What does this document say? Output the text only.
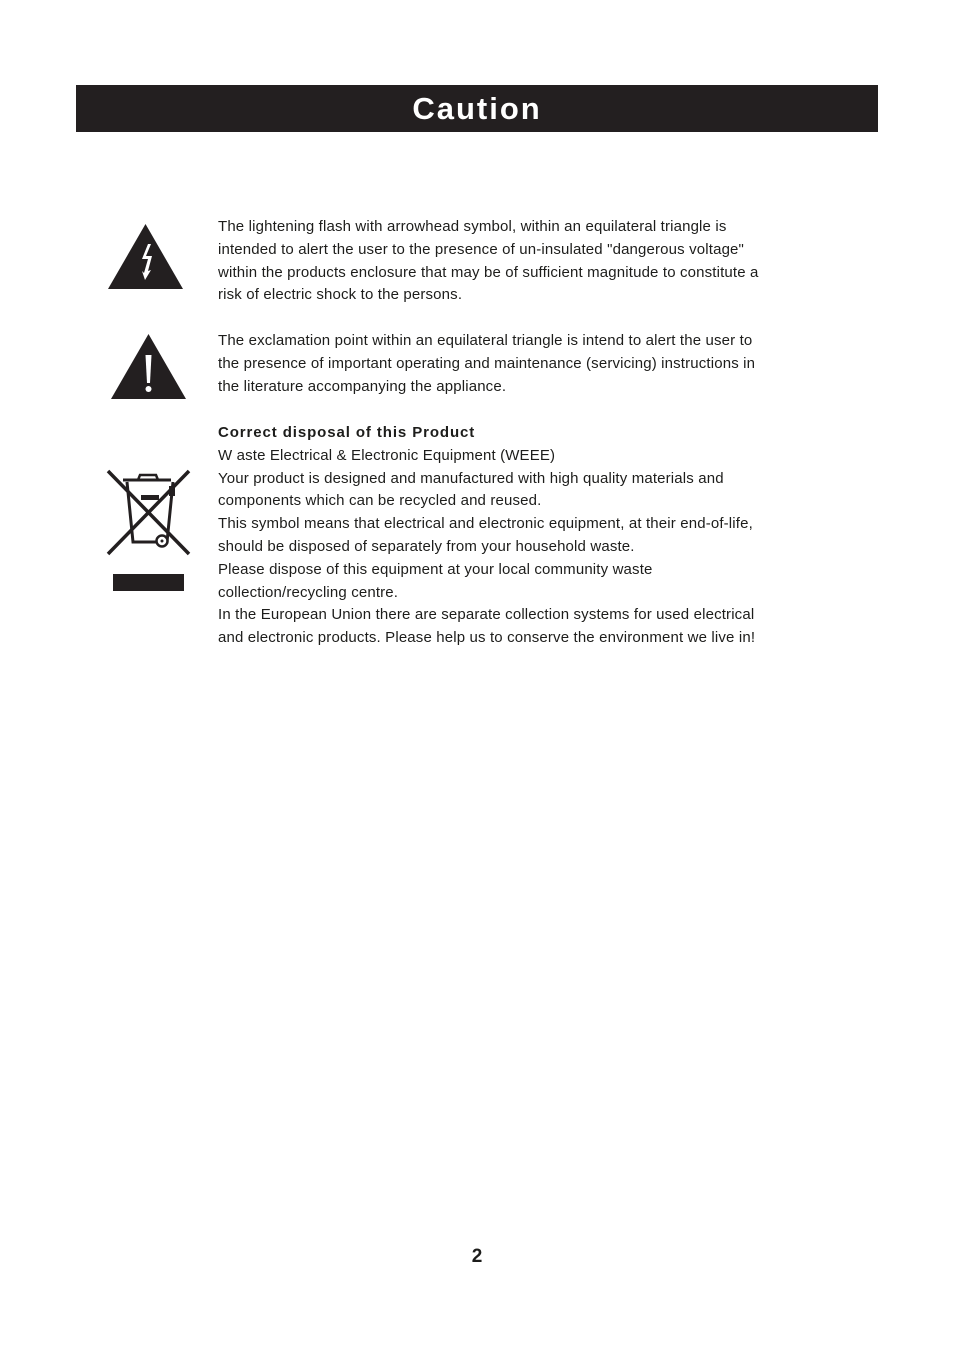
Caution

The lightening flash with arrowhead symbol, within an equilateral triangle is
intended to alert the user to the presence of un-insulated "dangerous voltage"
within the products enclosure that may be of sufficient magnitude to constitute a
risk of electric shock to the persons.

The exclamation point within an equilateral triangle is intend to alert the user to
the presence of important operating and maintenance (servicing) instructions in
the literature accompanying the appliance.

Correct disposal of this Product
W aste Electrical & Electronic Equipment (WEEE)
Your product is designed and manufactured with high quality materials and
components which can be recycled and reused.
This symbol means that electrical and electronic equipment, at their end-of-life,
should be disposed of separately from your household waste.
Please dispose of this equipment at your local community waste
collection/recycling centre.
In the European Union there are separate collection systems for used electrical
and electronic products. Please help us to conserve the environment we live in!

2
